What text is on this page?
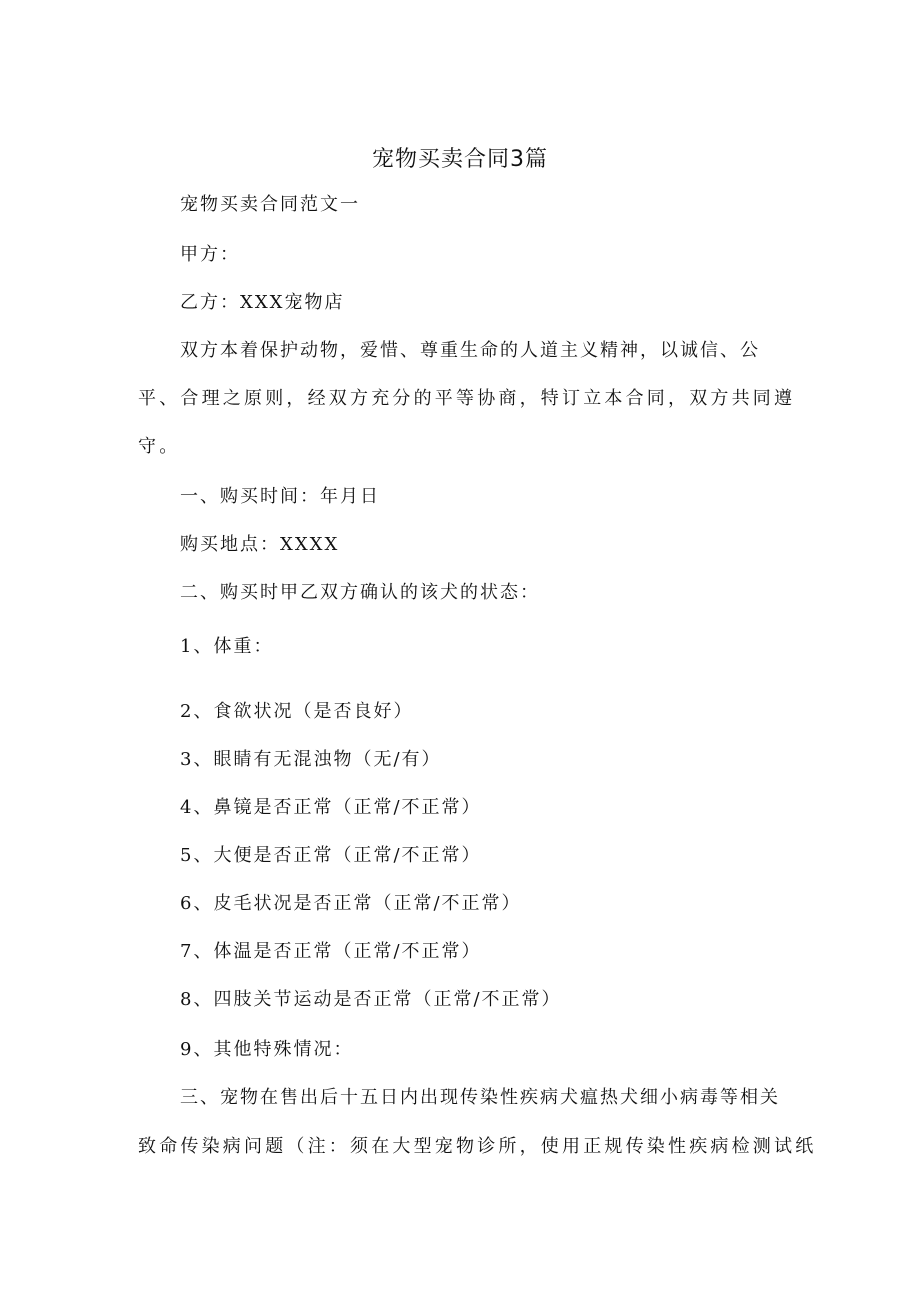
宠物买卖合同3篇
宠物买卖合同范文一
甲方：
乙方：XXX宠物店
双方本着保护动物，爱惜、尊重生命的人道主义精神，以诚信、公
平、合理之原则，经双方充分的平等协商，特订立本合同，双方共同遵
守。
一、购买时间：年月日
购买地点：XXXX
二、购买时甲乙双方确认的该犬的状态：
1、体重：
2、食欲状况（是否良好）
3、眼睛有无混浊物（无/有）
4、鼻镜是否正常（正常/不正常）
5、大便是否正常（正常/不正常）
6、皮毛状况是否正常（正常/不正常）
7、体温是否正常（正常/不正常）
8、四肢关节运动是否正常（正常/不正常）
9、其他特殊情况：
三、宠物在售出后十五日内出现传染性疾病犬瘟热犬细小病毒等相关
致命传染病问题（注：须在大型宠物诊所，使用正规传染性疾病检测试纸
